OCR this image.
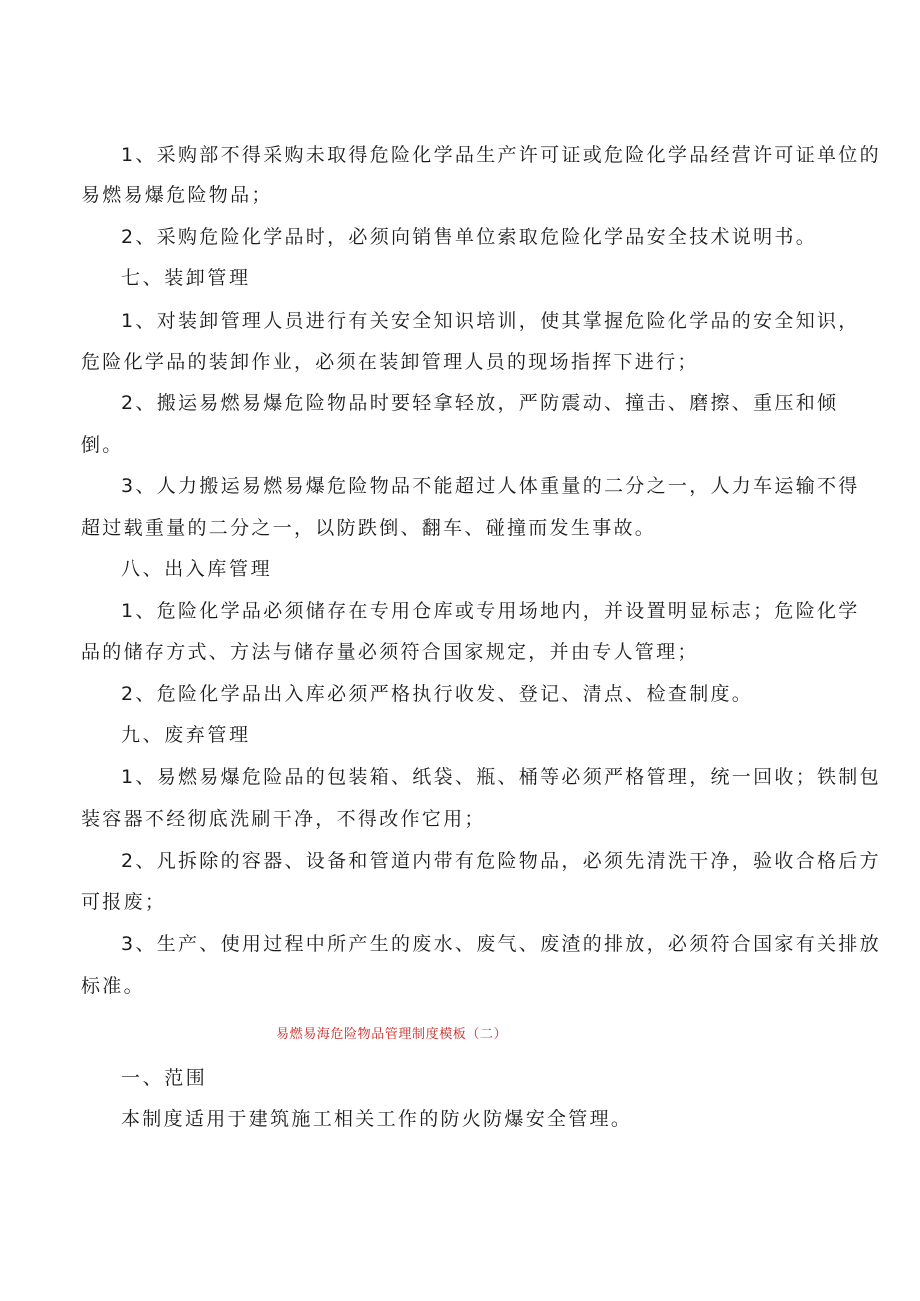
1、采购部不得采购未取得危险化学品生产许可证或危险化学品经营许可证单位的
易燃易爆危险物品；
2、采购危险化学品时，必须向销售单位索取危险化学品安全技术说明书。
七、装卸管理
1、对装卸管理人员进行有关安全知识培训，使其掌握危险化学品的安全知识，
危险化学品的装卸作业，必须在装卸管理人员的现场指挥下进行；
2、搬运易燃易爆危险物品时要轻拿轻放，严防震动、撞击、磨擦、重压和倾
倒。
3、人力搬运易燃易爆危险物品不能超过人体重量的二分之一，人力车运输不得
超过载重量的二分之一，以防跌倒、翻车、碰撞而发生事故。
八、出入库管理
1、危险化学品必须储存在专用仓库或专用场地内，并设置明显标志；危险化学
品的储存方式、方法与储存量必须符合国家规定，并由专人管理；
2、危险化学品出入库必须严格执行收发、登记、清点、检查制度。
九、废弃管理
1、易燃易爆危险品的包装箱、纸袋、瓶、桶等必须严格管理，统一回收；铁制包
装容器不经彻底洗刷干净，不得改作它用；
2、凡拆除的容器、设备和管道内带有危险物品，必须先清洗干净，验收合格后方
可报废；
3、生产、使用过程中所产生的废水、废气、废渣的排放，必须符合国家有关排放
标准。
易燃易海危险物品管理制度模板（二）
一、范围
本制度适用于建筑施工相关工作的防火防爆安全管理。
